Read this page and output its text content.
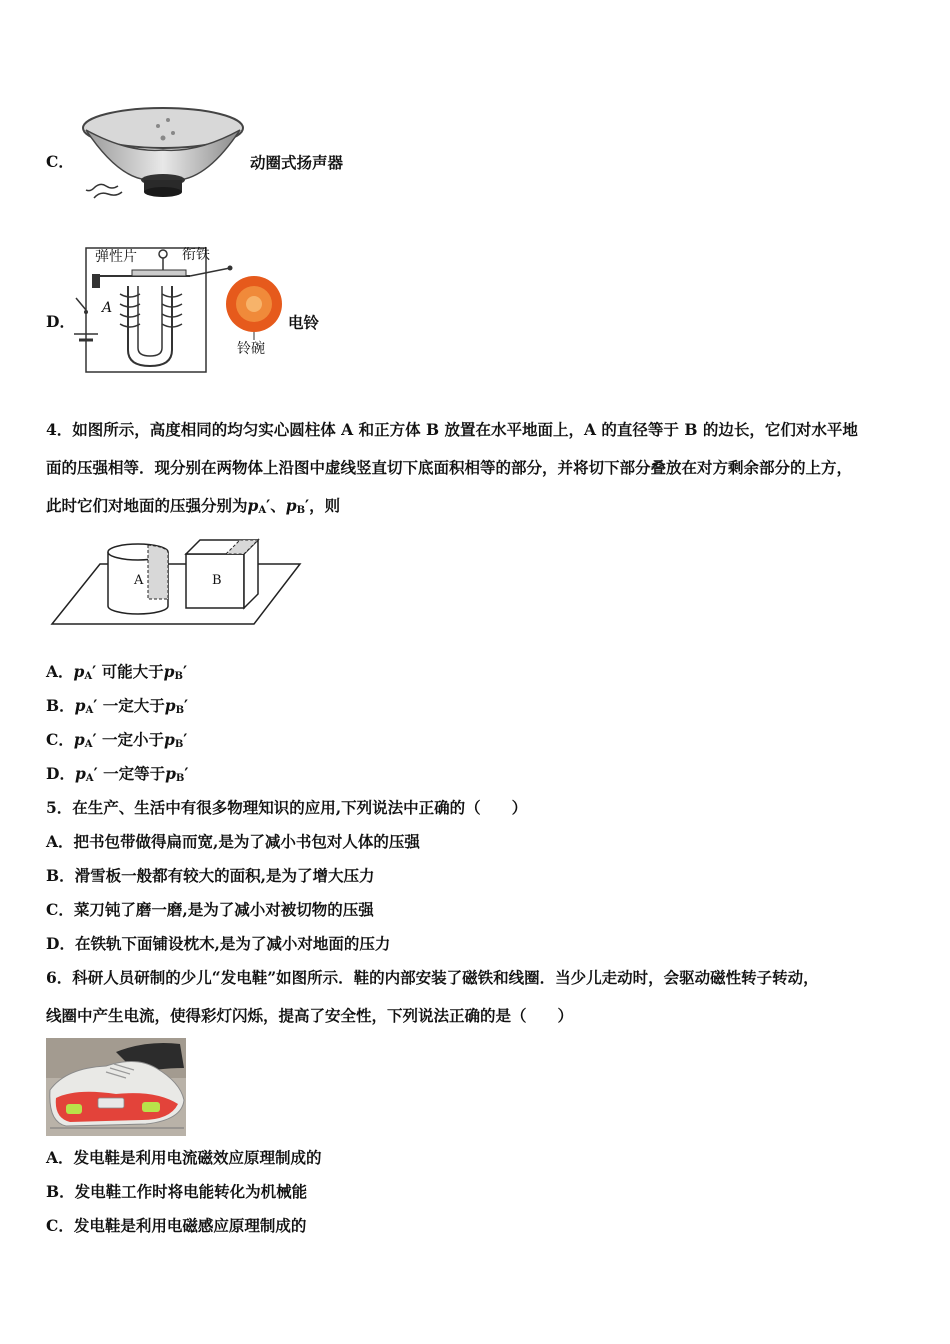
C．	动圈式扬声器
D．
弹性片	衔铁
A
铃碗
电铃
4．如图所示，高度相同的均匀实心圆柱体 A 和正方体 B 放置在水平地面上，A 的直径等于 B 的边长，它们对水平地
面的压强相等．现分别在两物体上沿图中虚线竖直切下底面积相等的部分，并将切下部分叠放在对方剩余部分的上方，
此时它们对地面的压强分别为$p_A'$、$p_B'$，则
A	B
A．$p_A'$ 可能大于$p_B'$
B．$p_A'$ 一定大于$p_B'$
C．$p_A'$ 一定小于$p_B'$
D．$p_A'$ 一定等于$p_B'$
5．在生产、生活中有很多物理知识的应用,下列说法中正确的（　　）
A．把书包带做得扁而宽,是为了减小书包对人体的压强
B．滑雪板一般都有较大的面积,是为了增大压力
C．菜刀钝了磨一磨,是为了减小对被切物的压强
D．在铁轨下面铺设枕木,是为了减小对地面的压力
6．科研人员研制的少儿“发电鞋”如图所示．鞋的内部安装了磁铁和线圈．当少儿走动时，会驱动磁性转子转动，
线圈中产生电流，使得彩灯闪烁，提高了安全性，下列说法正确的是（　　）
A．发电鞋是利用电流磁效应原理制成的
B．发电鞋工作时将电能转化为机械能
C．发电鞋是利用电磁感应原理制成的
